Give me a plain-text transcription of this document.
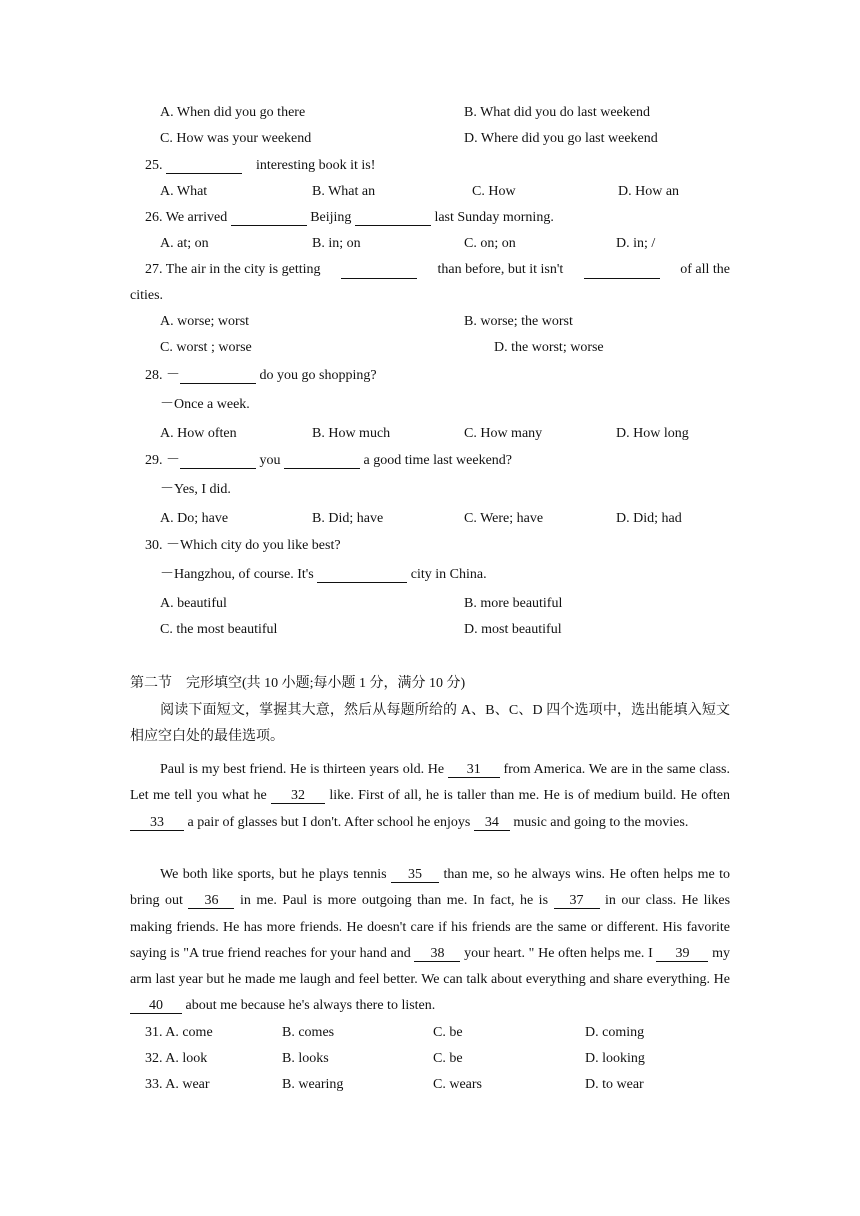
A. When did you go there	B. What did you do last weekend
C. How was your weekend	D. Where did you go last weekend
25.	interesting book it is!
A. What	B. What an	C. How	D. How an
26. We arrived	Beijing	last Sunday morning.
A. at; on	B. in; on	C. on; on	D. in; /
27. The air in the city is getting
	than before, but it isn't
	of all the
cities.
A. worse; worst	B. worse; the worst
C. worst ; worse	D. the worst; worse
28. －	do you go shopping?
－Once a week.
A. How often	B. How much	C. How many	D. How long
29. －	you	a good time last weekend?
－Yes, I did.
A. Do; have	B. Did; have	C. Were; have	D. Did; had
30. －Which city do you like best?
－Hangzhou, of course. It's	city in China.
A. beautiful	B. more beautiful
C. the most beautiful	D. most beautiful
第二节　完形填空(共 10 小题;每小题 1 分，满分 10 分)
阅读下面短文，掌握其大意，然后从每题所给的 A、B、C、D 四个选项中，选出能填入短文相应空白处的最佳选项。
Paul is my best friend. He is thirteen years old. He 31 from America. We are in the same class. Let me tell you what he 32 like. First of all, he is taller than me. He is of medium build. He often 33 a pair of glasses but I don't. After school he enjoys 34 music and going to the movies.
We both like sports, but he plays tennis 35 than me, so he always wins. He often helps me to bring out 36 in me. Paul is more outgoing than me. In fact, he is 37 in our class. He likes making friends. He has more friends. He doesn't care if his friends are the same or different. His favorite saying is "A true friend reaches for your hand and 38 your heart. " He often helps me. I 39 my arm last year but he made me laugh and feel better. We can talk about everything and share everything. He 40 about me because he's always there to listen.
31. A. come	B. comes	C. be	D. coming
32. A. look	B. looks	C. be	D. looking
33. A. wear	B. wearing	C. wears	D. to wear
